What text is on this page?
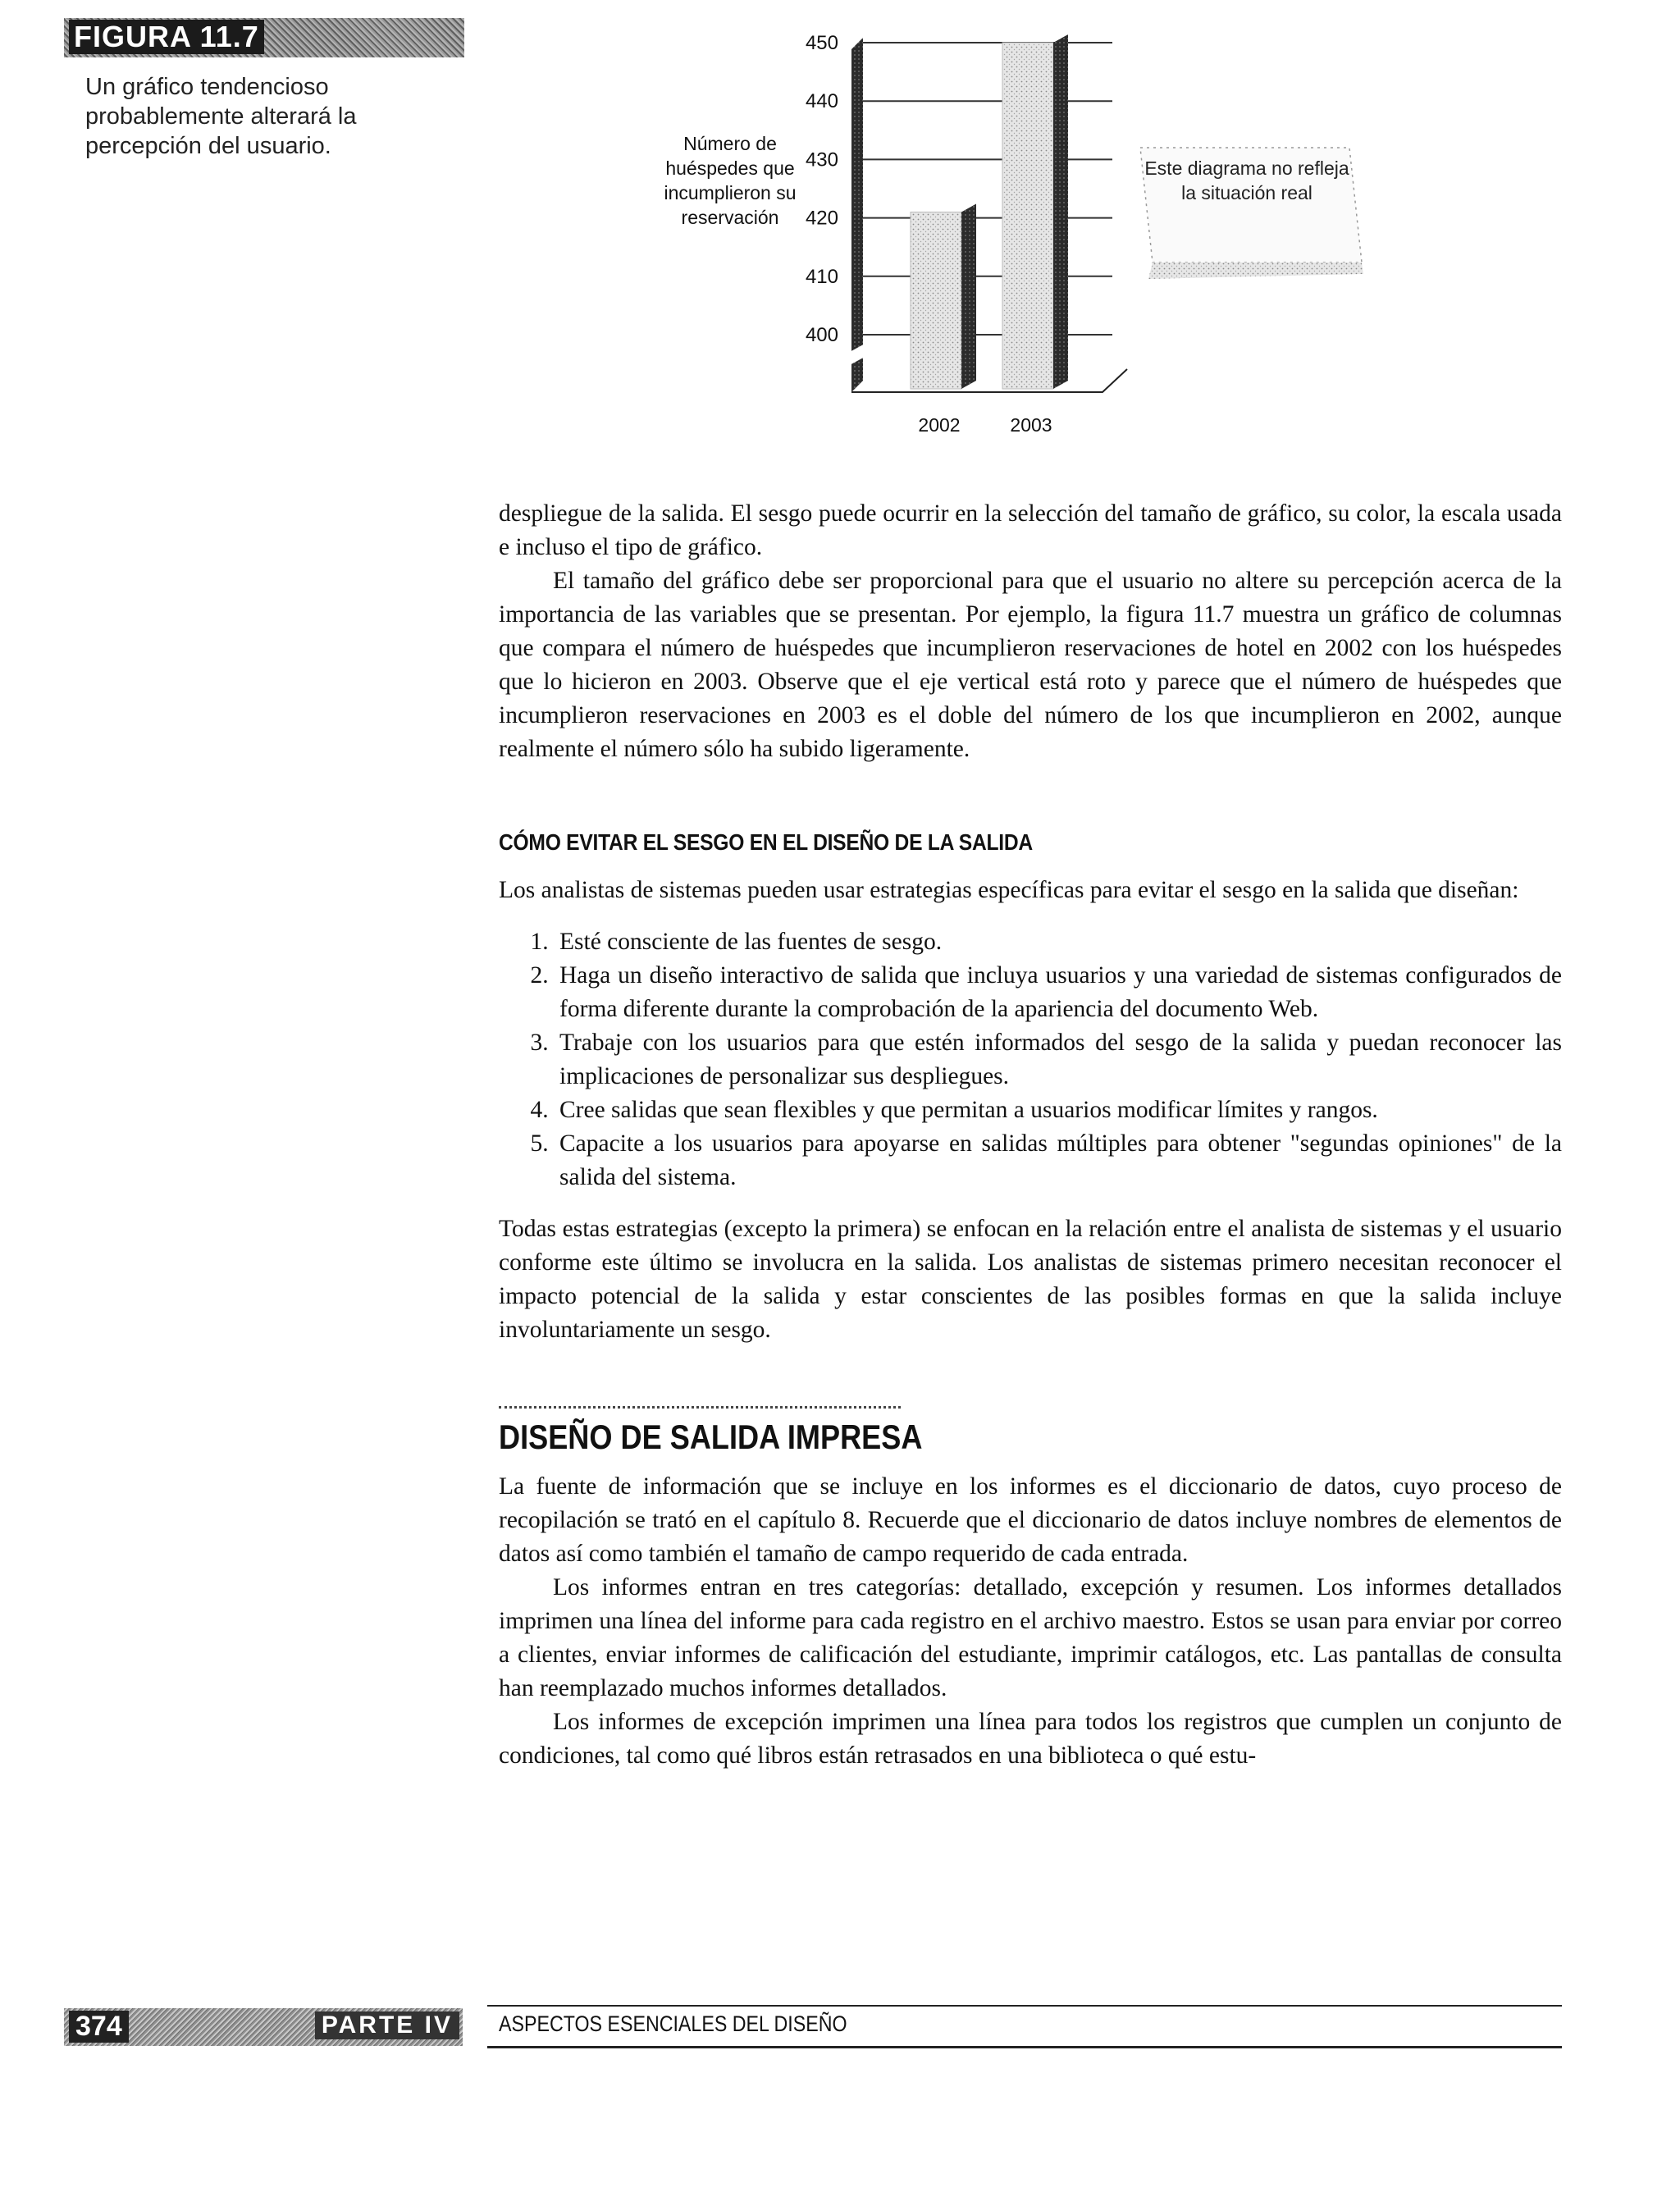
FIGURA 11.7
Un gráfico tendencioso probablemente alterará la percepción del usuario.
400
410
420
430
440
450
2002	2003
Número de huéspedes que incumplieron su reservación
Este diagrama no refleja la situación real

despliegue de la salida. El sesgo puede ocurrir en la selección del tamaño de gráfico, su color, la escala usada e incluso el tipo de gráfico.

El tamaño del gráfico debe ser proporcional para que el usuario no altere su percepción acerca de la importancia de las variables que se presentan. Por ejemplo, la figura 11.7 muestra un gráfico de columnas que compara el número de huéspedes que incumplieron reservaciones de hotel en 2002 con los huéspedes que lo hicieron en 2003. Observe que el eje vertical está roto y parece que el número de huéspedes que incumplieron reservaciones en 2003 es el doble del número de los que incumplieron en 2002, aunque realmente el número sólo ha subido ligeramente.

CÓMO EVITAR EL SESGO EN EL DISEÑO DE LA SALIDA

Los analistas de sistemas pueden usar estrategias específicas para evitar el sesgo en la salida que diseñan:

1. Esté consciente de las fuentes de sesgo.
2. Haga un diseño interactivo de salida que incluya usuarios y una variedad de sistemas configurados de forma diferente durante la comprobación de la apariencia del documento Web.
3. Trabaje con los usuarios para que estén informados del sesgo de la salida y puedan reconocer las implicaciones de personalizar sus despliegues.
4. Cree salidas que sean flexibles y que permitan a usuarios modificar límites y rangos.
5. Capacite a los usuarios para apoyarse en salidas múltiples para obtener "segundas opiniones" de la salida del sistema.

Todas estas estrategias (excepto la primera) se enfocan en la relación entre el analista de sistemas y el usuario conforme este último se involucra en la salida. Los analistas de sistemas primero necesitan reconocer el impacto potencial de la salida y estar conscientes de las posibles formas en que la salida incluye involuntariamente un sesgo.

DISEÑO DE SALIDA IMPRESA

La fuente de información que se incluye en los informes es el diccionario de datos, cuyo proceso de recopilación se trató en el capítulo 8. Recuerde que el diccionario de datos incluye nombres de elementos de datos así como también el tamaño de campo requerido de cada entrada.

Los informes entran en tres categorías: detallado, excepción y resumen. Los informes detallados imprimen una línea del informe para cada registro en el archivo maestro. Estos se usan para enviar por correo a clientes, enviar informes de calificación del estudiante, imprimir catálogos, etc. Las pantallas de consulta han reemplazado muchos informes detallados.

Los informes de excepción imprimen una línea para todos los registros que cumplen un conjunto de condiciones, tal como qué libros están retrasados en una biblioteca o qué estu-

374	PARTE IV ASPECTOS ESENCIALES DEL DISEÑO
